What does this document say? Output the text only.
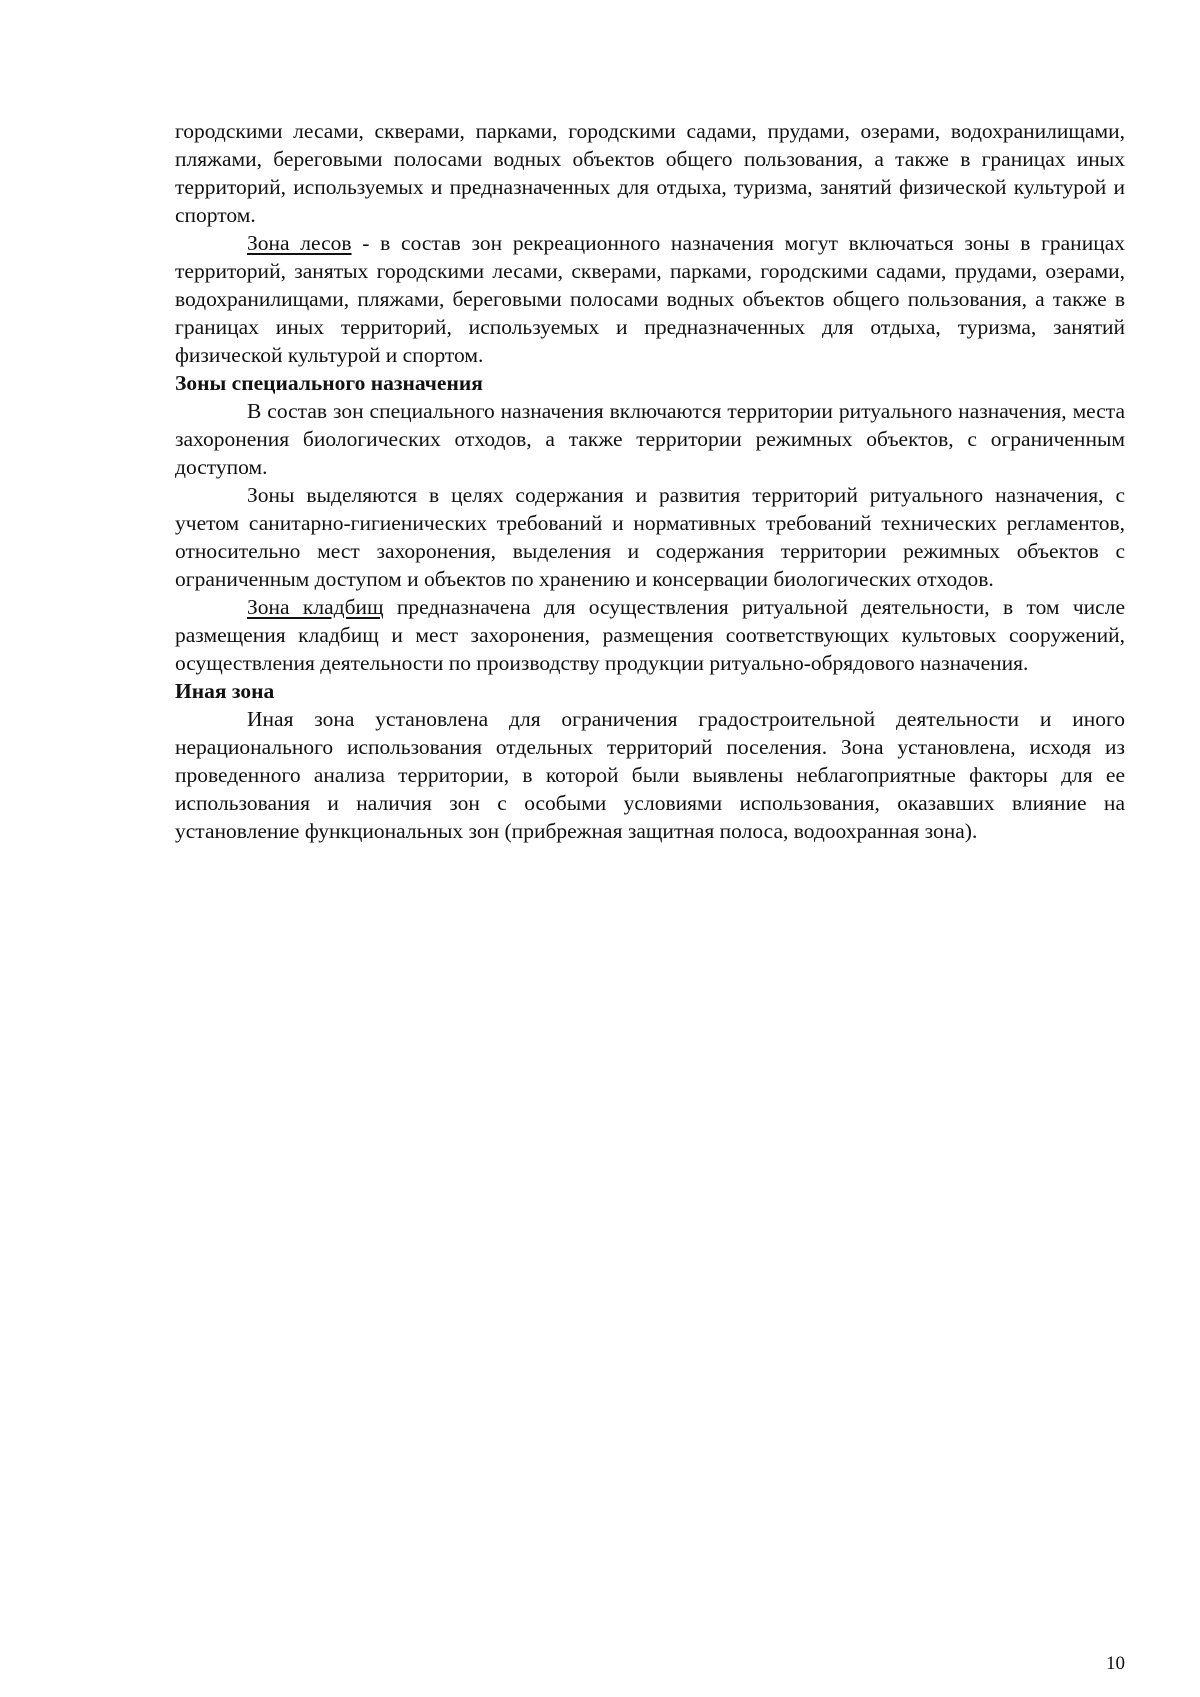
городскими лесами, скверами, парками, городскими садами, прудами, озерами, водохранилищами, пляжами, береговыми полосами водных объектов общего пользования, а также в границах иных территорий, используемых и предназначенных для отдыха, туризма, занятий физической культурой и спортом.

Зона лесов - в состав зон рекреационного назначения могут включаться зоны в границах территорий, занятых городскими лесами, скверами, парками, городскими садами, прудами, озерами, водохранилищами, пляжами, береговыми полосами водных объектов общего пользования, а также в границах иных территорий, используемых и предназначенных для отдыха, туризма, занятий физической культурой и спортом.

Зоны специального назначения

В состав зон специального назначения включаются территории ритуального назначения, места захоронения биологических отходов, а также территории режимных объектов, с ограниченным доступом.

Зоны выделяются в целях содержания и развития территорий ритуального назначения, с учетом санитарно-гигиенических требований и нормативных требований технических регламентов, относительно мест захоронения, выделения и содержания территории режимных объектов с ограниченным доступом и объектов по хранению и консервации биологических отходов.

Зона кладбищ предназначена для осуществления ритуальной деятельности, в том числе размещения кладбищ и мест захоронения, размещения соответствующих культовых сооружений, осуществления деятельности по производству продукции ритуально-обрядового назначения.

Иная зона

Иная зона установлена для ограничения градостроительной деятельности и иного нерационального использования отдельных территорий поселения. Зона установлена, исходя из проведенного анализа территории, в которой были выявлены неблагоприятные факторы для ее использования и наличия зон с особыми условиями использования, оказавших влияние на установление функциональных зон (прибрежная защитная полоса, водоохранная зона).

10
